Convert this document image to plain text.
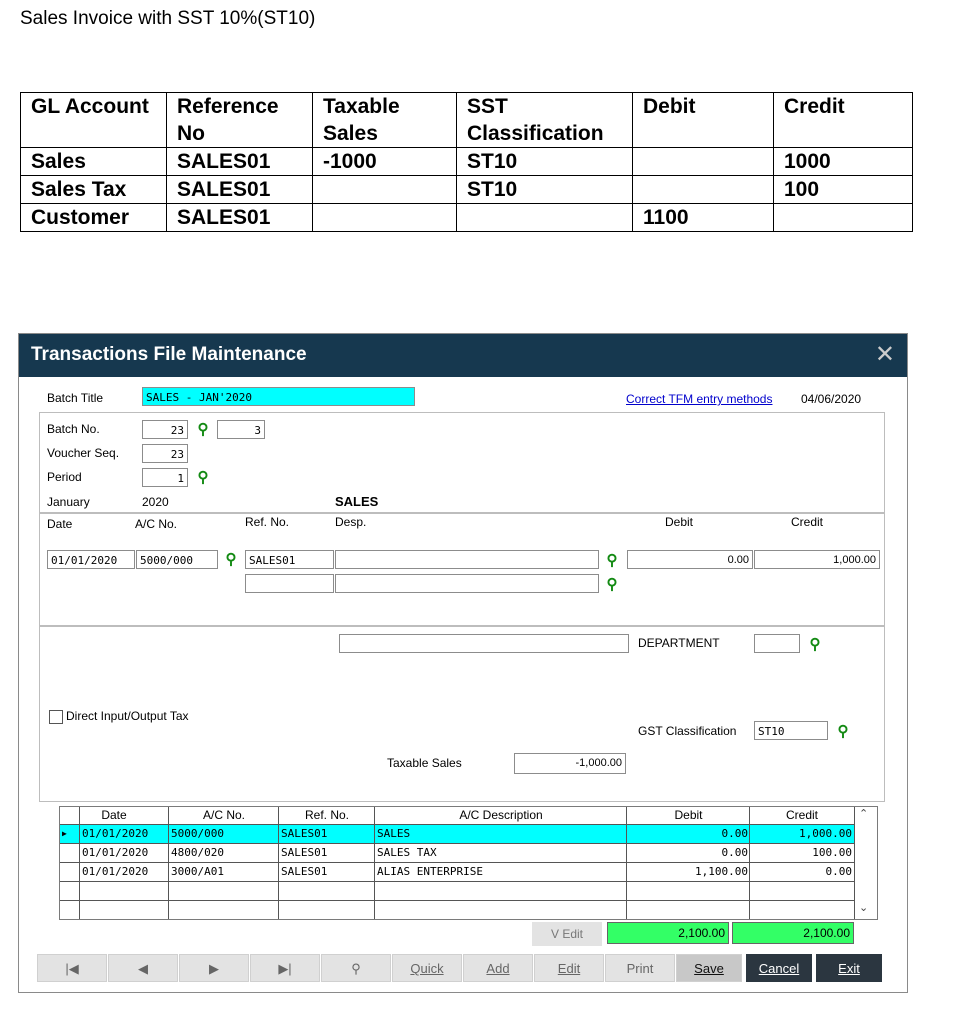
Sales Invoice with SST 10%(ST10)
GL Account	Reference No	Taxable Sales	SST Classification	Debit	Credit
Sales	SALES01	-1000	ST10		1000
Sales Tax	SALES01		ST10		100
Customer	SALES01			1100	
Transactions File Maintenance	✕
Batch Title	SALES - JAN'2020	Correct TFM entry methods 04/06/2020
Batch No.	23 ⚲	3
Voucher Seq.	23
Period	1 ⚲
January	2020	SALES
Date	A/C No.	Ref. No.	Desp.	Debit	Credit
01/01/2020	5000/000	⚲	SALES01	⚲	0.00	1,000.00
⚲
DEPARTMENT	⚲
Direct Input/Output Tax
GST Classification	ST10	⚲
Taxable Sales	-1,000.00
Date	A/C No.	Ref. No.	A/C Description	Debit	Credit
▶ 01/01/2020	5000/000	SALES01	SALES	0.00	1,000.00
01/01/2020	4800/020	SALES01	SALES TAX	0.00	100.00
01/01/2020	3000/A01	SALES01	ALIAS ENTERPRISE	1,100.00	0.00
⌃
⌄
V Edit	2,100.00	2,100.00
|◀	◀	▶	▶|	⚲	Quick	Add	Edit	Print	Save	Cancel	Exit
